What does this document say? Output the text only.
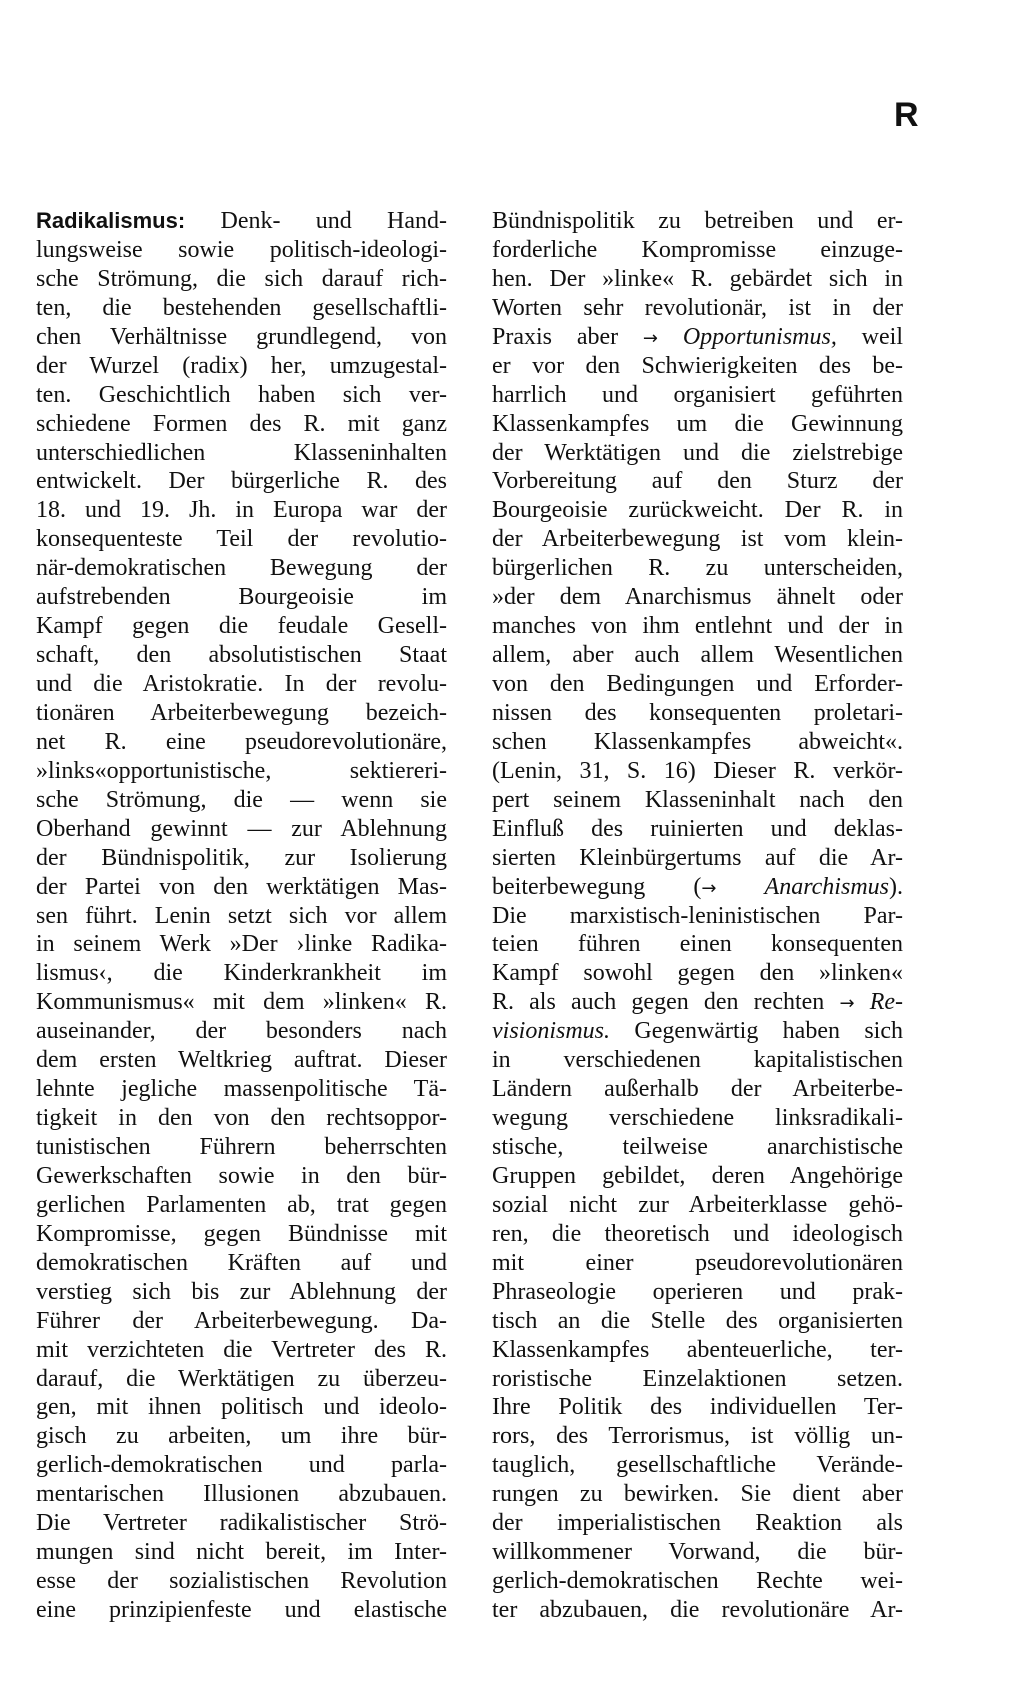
R
Radikalismus: Denk- und Hand-
lungsweise sowie politisch-ideologi-
sche Strömung, die sich darauf rich-
ten, die bestehenden gesellschaftli-
chen Verhältnisse grundlegend, von
der Wurzel (radix) her, umzugestal-
ten. Geschichtlich haben sich ver-
schiedene Formen des R. mit ganz
unterschiedlichen Klasseninhalten
entwickelt. Der bürgerliche R. des
18. und 19. Jh. in Europa war der
konsequenteste Teil der revolutio-
när-demokratischen Bewegung der
aufstrebenden Bourgeoisie im
Kampf gegen die feudale Gesell-
schaft, den absolutistischen Staat
und die Aristokratie. In der revolu-
tionären Arbeiterbewegung bezeich-
net R. eine pseudorevolutionäre,
»links«opportunistische, sektiereri-
sche Strömung, die — wenn sie
Oberhand gewinnt — zur Ablehnung
der Bündnispolitik, zur Isolierung
der Partei von den werktätigen Mas-
sen führt. Lenin setzt sich vor allem
in seinem Werk »Der ›linke Radika-
lismus‹, die Kinderkrankheit im
Kommunismus« mit dem »linken« R.
auseinander, der besonders nach
dem ersten Weltkrieg auftrat. Dieser
lehnte jegliche massenpolitische Tä-
tigkeit in den von den rechtsoppor-
tunistischen Führern beherrschten
Gewerkschaften sowie in den bür-
gerlichen Parlamenten ab, trat gegen
Kompromisse, gegen Bündnisse mit
demokratischen Kräften auf und
verstieg sich bis zur Ablehnung der
Führer der Arbeiterbewegung. Da-
mit verzichteten die Vertreter des R.
darauf, die Werktätigen zu überzeu-
gen, mit ihnen politisch und ideolo-
gisch zu arbeiten, um ihre bür-
gerlich-demokratischen und parla-
mentarischen Illusionen abzubauen.
Die Vertreter radikalistischer Strö-
mungen sind nicht bereit, im Inter-
esse der sozialistischen Revolution
eine prinzipienfeste und elastische
Bündnispolitik zu betreiben und er-
forderliche Kompromisse einzuge-
hen. Der »linke« R. gebärdet sich in
Worten sehr revolutionär, ist in der
Praxis aber → Opportunismus, weil
er vor den Schwierigkeiten des be-
harrlich und organisiert geführten
Klassenkampfes um die Gewinnung
der Werktätigen und die zielstrebige
Vorbereitung auf den Sturz der
Bourgeoisie zurückweicht. Der R. in
der Arbeiterbewegung ist vom klein-
bürgerlichen R. zu unterscheiden,
»der dem Anarchismus ähnelt oder
manches von ihm entlehnt und der in
allem, aber auch allem Wesentlichen
von den Bedingungen und Erforder-
nissen des konsequenten proletari-
schen Klassenkampfes abweicht«.
(Lenin, 31, S. 16) Dieser R. verkör-
pert seinem Klasseninhalt nach den
Einfluß des ruinierten und deklas-
sierten Kleinbürgertums auf die Ar-
beiterbewegung (→ Anarchismus).
Die marxistisch-leninistischen Par-
teien führen einen konsequenten
Kampf sowohl gegen den »linken«
R. als auch gegen den rechten → Re-
visionismus. Gegenwärtig haben sich
in verschiedenen kapitalistischen
Ländern außerhalb der Arbeiterbe-
wegung verschiedene linksradikali-
stische, teilweise anarchistische
Gruppen gebildet, deren Angehörige
sozial nicht zur Arbeiterklasse gehö-
ren, die theoretisch und ideologisch
mit einer pseudorevolutionären
Phraseologie operieren und prak-
tisch an die Stelle des organisierten
Klassenkampfes abenteuerliche, ter-
roristische Einzelaktionen setzen.
Ihre Politik des individuellen Ter-
rors, des Terrorismus, ist völlig un-
tauglich, gesellschaftliche Verände-
rungen zu bewirken. Sie dient aber
der imperialistischen Reaktion als
willkommener Vorwand, die bür-
gerlich-demokratischen Rechte wei-
ter abzubauen, die revolutionäre Ar-
